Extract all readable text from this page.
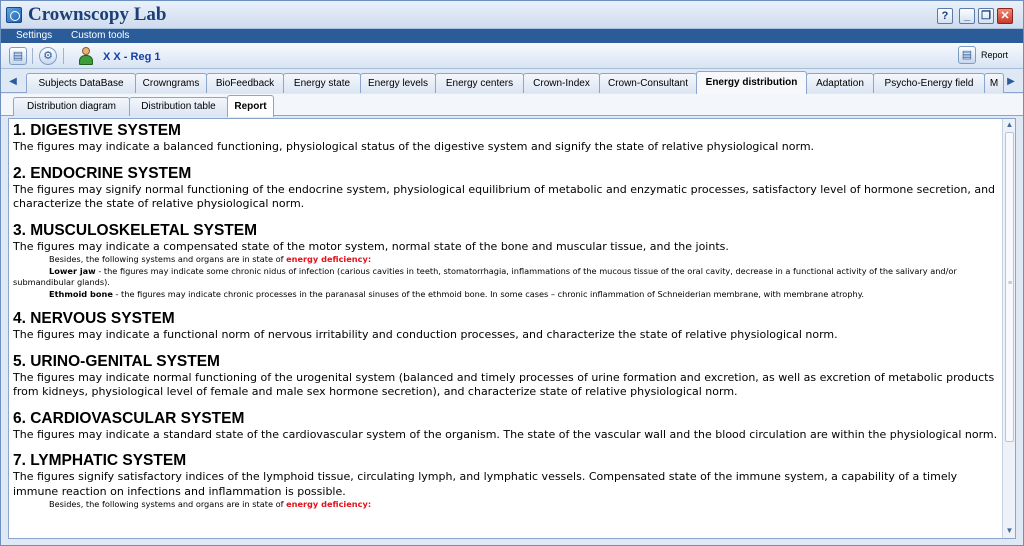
Crownscopy Lab	?	_	❐ ✕
Settings Custom tools
▤ ⚙	X X - Reg 1	▤ Report
◀	Subjects DataBase	Crowngrams	BioFeedback	Energy state	Energy levels	Energy centers	Crown-Index	Crown-Consultant	Energy distribution	Adaptation	Psycho-Energy field	M ▶
Distribution diagram	Distribution table	Report
1. DIGESTIVE SYSTEM
The figures may indicate a balanced functioning, physiological status of the digestive system and signify the state of relative physiological norm.
2. ENDOCRINE SYSTEM
The figures may signify normal functioning of the endocrine system, physiological equilibrium of metabolic and enzymatic processes, satisfactory level of hormone secretion, and characterize the state of relative physiological norm.
3. MUSCULOSKELETAL SYSTEM
The figures may indicate a compensated state of the motor system, normal state of the bone and muscular tissue, and the joints.
Besides, the following systems and organs are in state of energy deficiency:
Lower jaw - the figures may indicate some chronic nidus of infection (carious cavities in teeth, stomatorrhagia, inflammations of the mucous tissue of the oral cavity, decrease in a functional activity of the salivary and/or submandibular glands).
Ethmoid bone - the figures may indicate chronic processes in the paranasal sinuses of the ethmoid bone. In some cases – chronic inflammation of Schneiderian membrane, with membrane atrophy.
4. NERVOUS SYSTEM
The figures may indicate a functional norm of nervous irritability and conduction processes, and characterize the state of relative physiological norm.
5. URINO-GENITAL SYSTEM
The figures may indicate normal functioning of the urogenital system (balanced and timely processes of urine formation and excretion, as well as excretion of metabolic products from kidneys, physiological level of female and male sex hormone secretion), and characterize state of relative physiological norm.
6. CARDIOVASCULAR SYSTEM
The figures may indicate a standard state of the cardiovascular system of the organism. The state of the vascular wall and the blood circulation are within the physiological norm.
7. LYMPHATIC SYSTEM
The figures signify satisfactory indices of the lymphoid tissue, circulating lymph, and lymphatic vessels. Compensated state of the immune system, a capability of a timely immune reaction on infections and inflammation is possible.
Besides, the following systems and organs are in state of energy deficiency:
▲
≡
▼
